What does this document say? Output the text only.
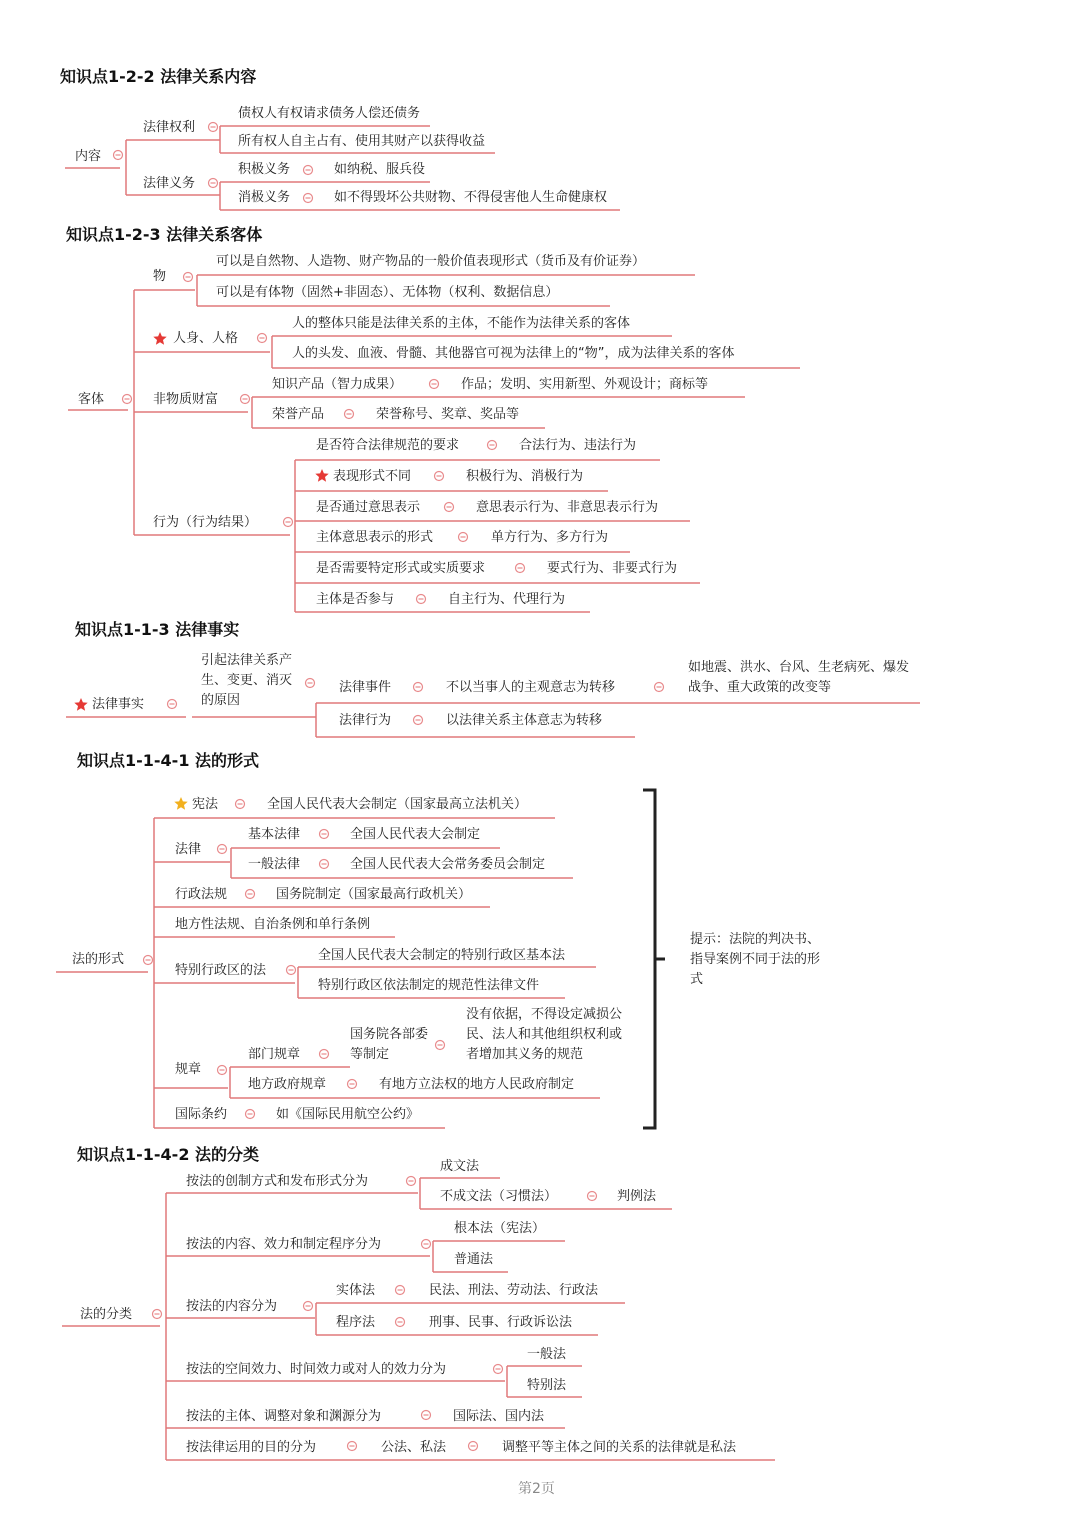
知识点1-2-2 法律关系内容
内容
法律权利
债权人有权请求债务人偿还债务
所有权人自主占有、使用其财产以获得收益
法律义务
积极义务	如纳税、服兵役
消极义务	如不得毁坏公共财物、不得侵害他人生命健康权
知识点1-2-3 法律关系客体
客体
物
可以是自然物、人造物、财产物品的一般价值表现形式（货币及有价证券）
可以是有体物（固然+非固态）、无体物（权利、数据信息）
人身、人格
人的整体只能是法律关系的主体，不能作为法律关系的客体
人的头发、血液、骨髓、其他器官可视为法律上的“物”，成为法律关系的客体
非物质财富
知识产品（智力成果）	作品；发明、实用新型、外观设计；商标等
荣誉产品	荣誉称号、奖章、奖品等
行为（行为结果）
是否符合法律规范的要求	合法行为、违法行为
表现形式不同	积极行为、消极行为
是否通过意思表示	意思表示行为、非意思表示行为
主体意思表示的形式	单方行为、多方行为
是否需要特定形式或实质要求	要式行为、非要式行为
主体是否参与	自主行为、代理行为
知识点1-1-3 法律事实
法律事实
引起法律关系产生、变更、消灭的原因
法律事件	不以当事人的主观意志为转移
如地震、洪水、台风、生老病死、爆发战争、重大政策的改变等
法律行为	以法律关系主体意志为转移
知识点1-1-4-1 法的形式
法的形式
宪法	全国人民代表大会制定（国家最高立法机关）
法律
基本法律	全国人民代表大会制定
一般法律	全国人民代表大会常务委员会制定
行政法规	国务院制定（国家最高行政机关）
地方性法规、自治条例和单行条例
特别行政区的法
全国人民代表大会制定的特别行政区基本法
特别行政区依法制定的规范性法律文件
规章
部门规章
国务院各部委等制定
没有依据，不得设定减损公民、法人和其他组织权利或者增加其义务的规范
地方政府规章	有地方立法权的地方人民政府制定
国际条约	如《国际民用航空公约》
提示：法院的判决书、指导案例不同于法的形式
知识点1-1-4-2 法的分类
法的分类
按法的创制方式和发布形式分为
成文法
不成文法（习惯法）	判例法
按法的内容、效力和制定程序分为
根本法（宪法）
普通法
按法的内容分为
实体法	民法、刑法、劳动法、行政法
程序法	刑事、民事、行政诉讼法
按法的空间效力、时间效力或对人的效力分为
一般法
特别法
按法的主体、调整对象和渊源分为	国际法、国内法
按法律运用的目的分为	公法、私法	调整平等主体之间的关系的法律就是私法
第2页
